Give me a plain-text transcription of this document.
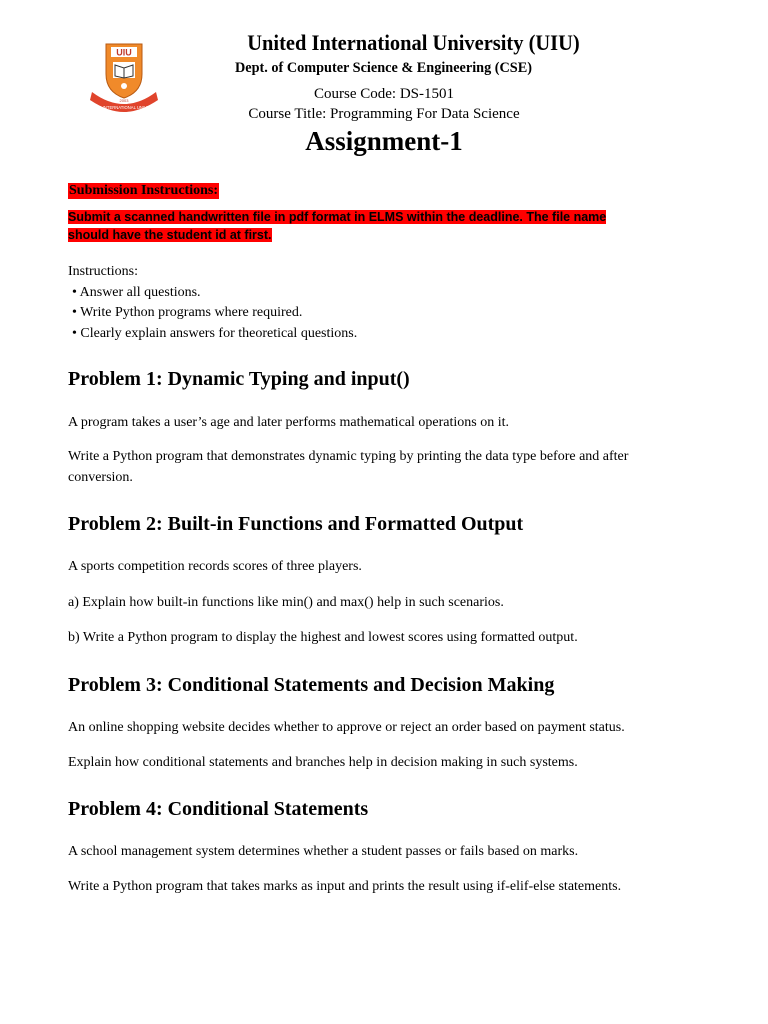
UIU
UNITED INTERNATIONAL UNIVERSITY
2003
United International University (UIU)
Dept. of Computer Science & Engineering (CSE)
Course Code: DS-1501
Course Title: Programming For Data Science
Assignment-1
Submission Instructions:
Submit a scanned handwritten file in pdf format in ELMS within the deadline. The file name
should have the student id at first.
Instructions:
• Answer all questions.
• Write Python programs where required.
• Clearly explain answers for theoretical questions.
Problem 1: Dynamic Typing and input()
A program takes a user’s age and later performs mathematical operations on it.
Write a Python program that demonstrates dynamic typing by printing the data type before and after conversion.
Problem 2: Built-in Functions and Formatted Output
A sports competition records scores of three players.
a) Explain how built-in functions like min() and max() help in such scenarios.
b) Write a Python program to display the highest and lowest scores using formatted output.
Problem 3: Conditional Statements and Decision Making
An online shopping website decides whether to approve or reject an order based on payment status.
Explain how conditional statements and branches help in decision making in such systems.
Problem 4: Conditional Statements
A school management system determines whether a student passes or fails based on marks.
Write a Python program that takes marks as input and prints the result using if-elif-else statements.
